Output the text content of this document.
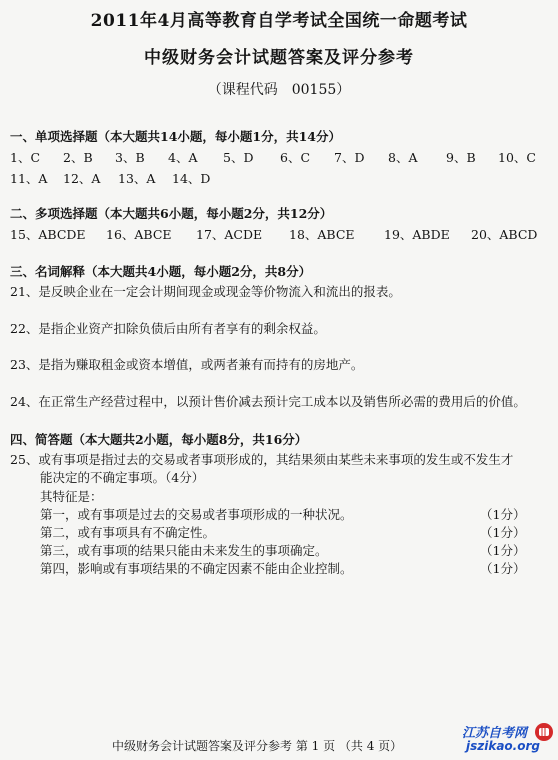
2011年4月高等教育自学考试全国统一命题考试
中级财务会计试题答案及评分参考
（课程代码　00155）
一、单项选择题（本大题共14小题，每小题1分，共14分）
1、C 2、B 3、B 4、A 5、D 6、C 7、D 8、A 9、B 10、C
11、A 12、A 13、A 14、D
二、多项选择题（本大题共6小题，每小题2分，共12分）
15、ABCDE 16、ABCE 17、ACDE 18、ABCE 19、ABDE 20、ABCD
三、名词解释（本大题共4小题，每小题2分，共8分）
21、是反映企业在一定会计期间现金或现金等价物流入和流出的报表。
22、是指企业资产扣除负债后由所有者享有的剩余权益。
23、是指为赚取租金或资本增值，或两者兼有而持有的房地产。
24、在正常生产经营过程中，以预计售价减去预计完工成本以及销售所必需的费用后的价值。
四、简答题（本大题共2小题，每小题8分，共16分）
25、或有事项是指过去的交易或者事项形成的，其结果须由某些未来事项的发生或不发生才
能决定的不确定事项。（4分）
其特征是：
第一，或有事项是过去的交易或者事项形成的一种状况。	（1分）
第二，或有事项具有不确定性。	（1分）
第三，或有事项的结果只能由未来发生的事项确定。	（1分）
第四，影响或有事项结果的不确定因素不能由企业控制。	（1分）
中级财务会计试题答案及评分参考 第 1 页 （共 4 页）
江苏自考网
jszikao.org
